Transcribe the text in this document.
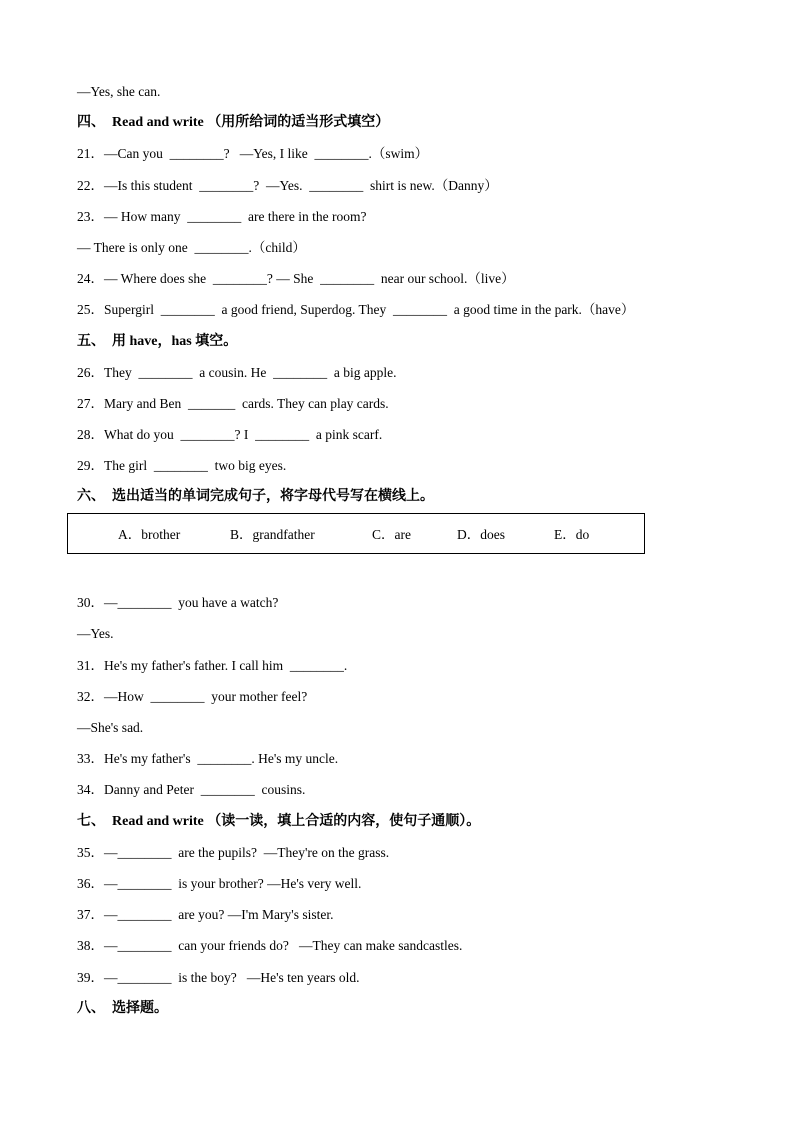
—Yes, she can.
四、  Read and write （用所给词的适当形式填空）
21．—Can you  ________?   —Yes, I like  ________.（swim）
22．—Is this student  ________?  —Yes.  ________  shirt is new.（Danny）
23．— How many  ________  are there in the room?
— There is only one  ________.（child）
24．— Where does she  ________? — She  ________  near our school.（live）
25．Supergirl  ________  a good friend, Superdog. They  ________  a good time in the park.（have）
五、  用 have，has 填空。
26．They  ________  a cousin. He  ________  a big apple.
27．Mary and Ben  _______  cards. They can play cards.
28．What do you  ________? I  ________  a pink scarf.
29．The girl  ________  two big eyes.
六、  选出适当的单词完成句子，将字母代号写在横线上。
A．brother	B．grandfather	C．are	D．does	E．do
30．—________  you have a watch?
—Yes.
31．He's my father's father. I call him  ________.
32．—How  ________  your mother feel?
—She's sad.
33．He's my father's  ________. He's my uncle.
34．Danny and Peter  ________  cousins.
七、  Read and write （读一读，填上合适的内容，使句子通顺）。
35．—________  are the pupils?  —They're on the grass.
36．—________  is your brother? —He's very well.
37．—________  are you? —I'm Mary's sister.
38．—________  can your friends do?   —They can make sandcastles.
39．—________  is the boy?   —He's ten years old.
八、  选择题。
